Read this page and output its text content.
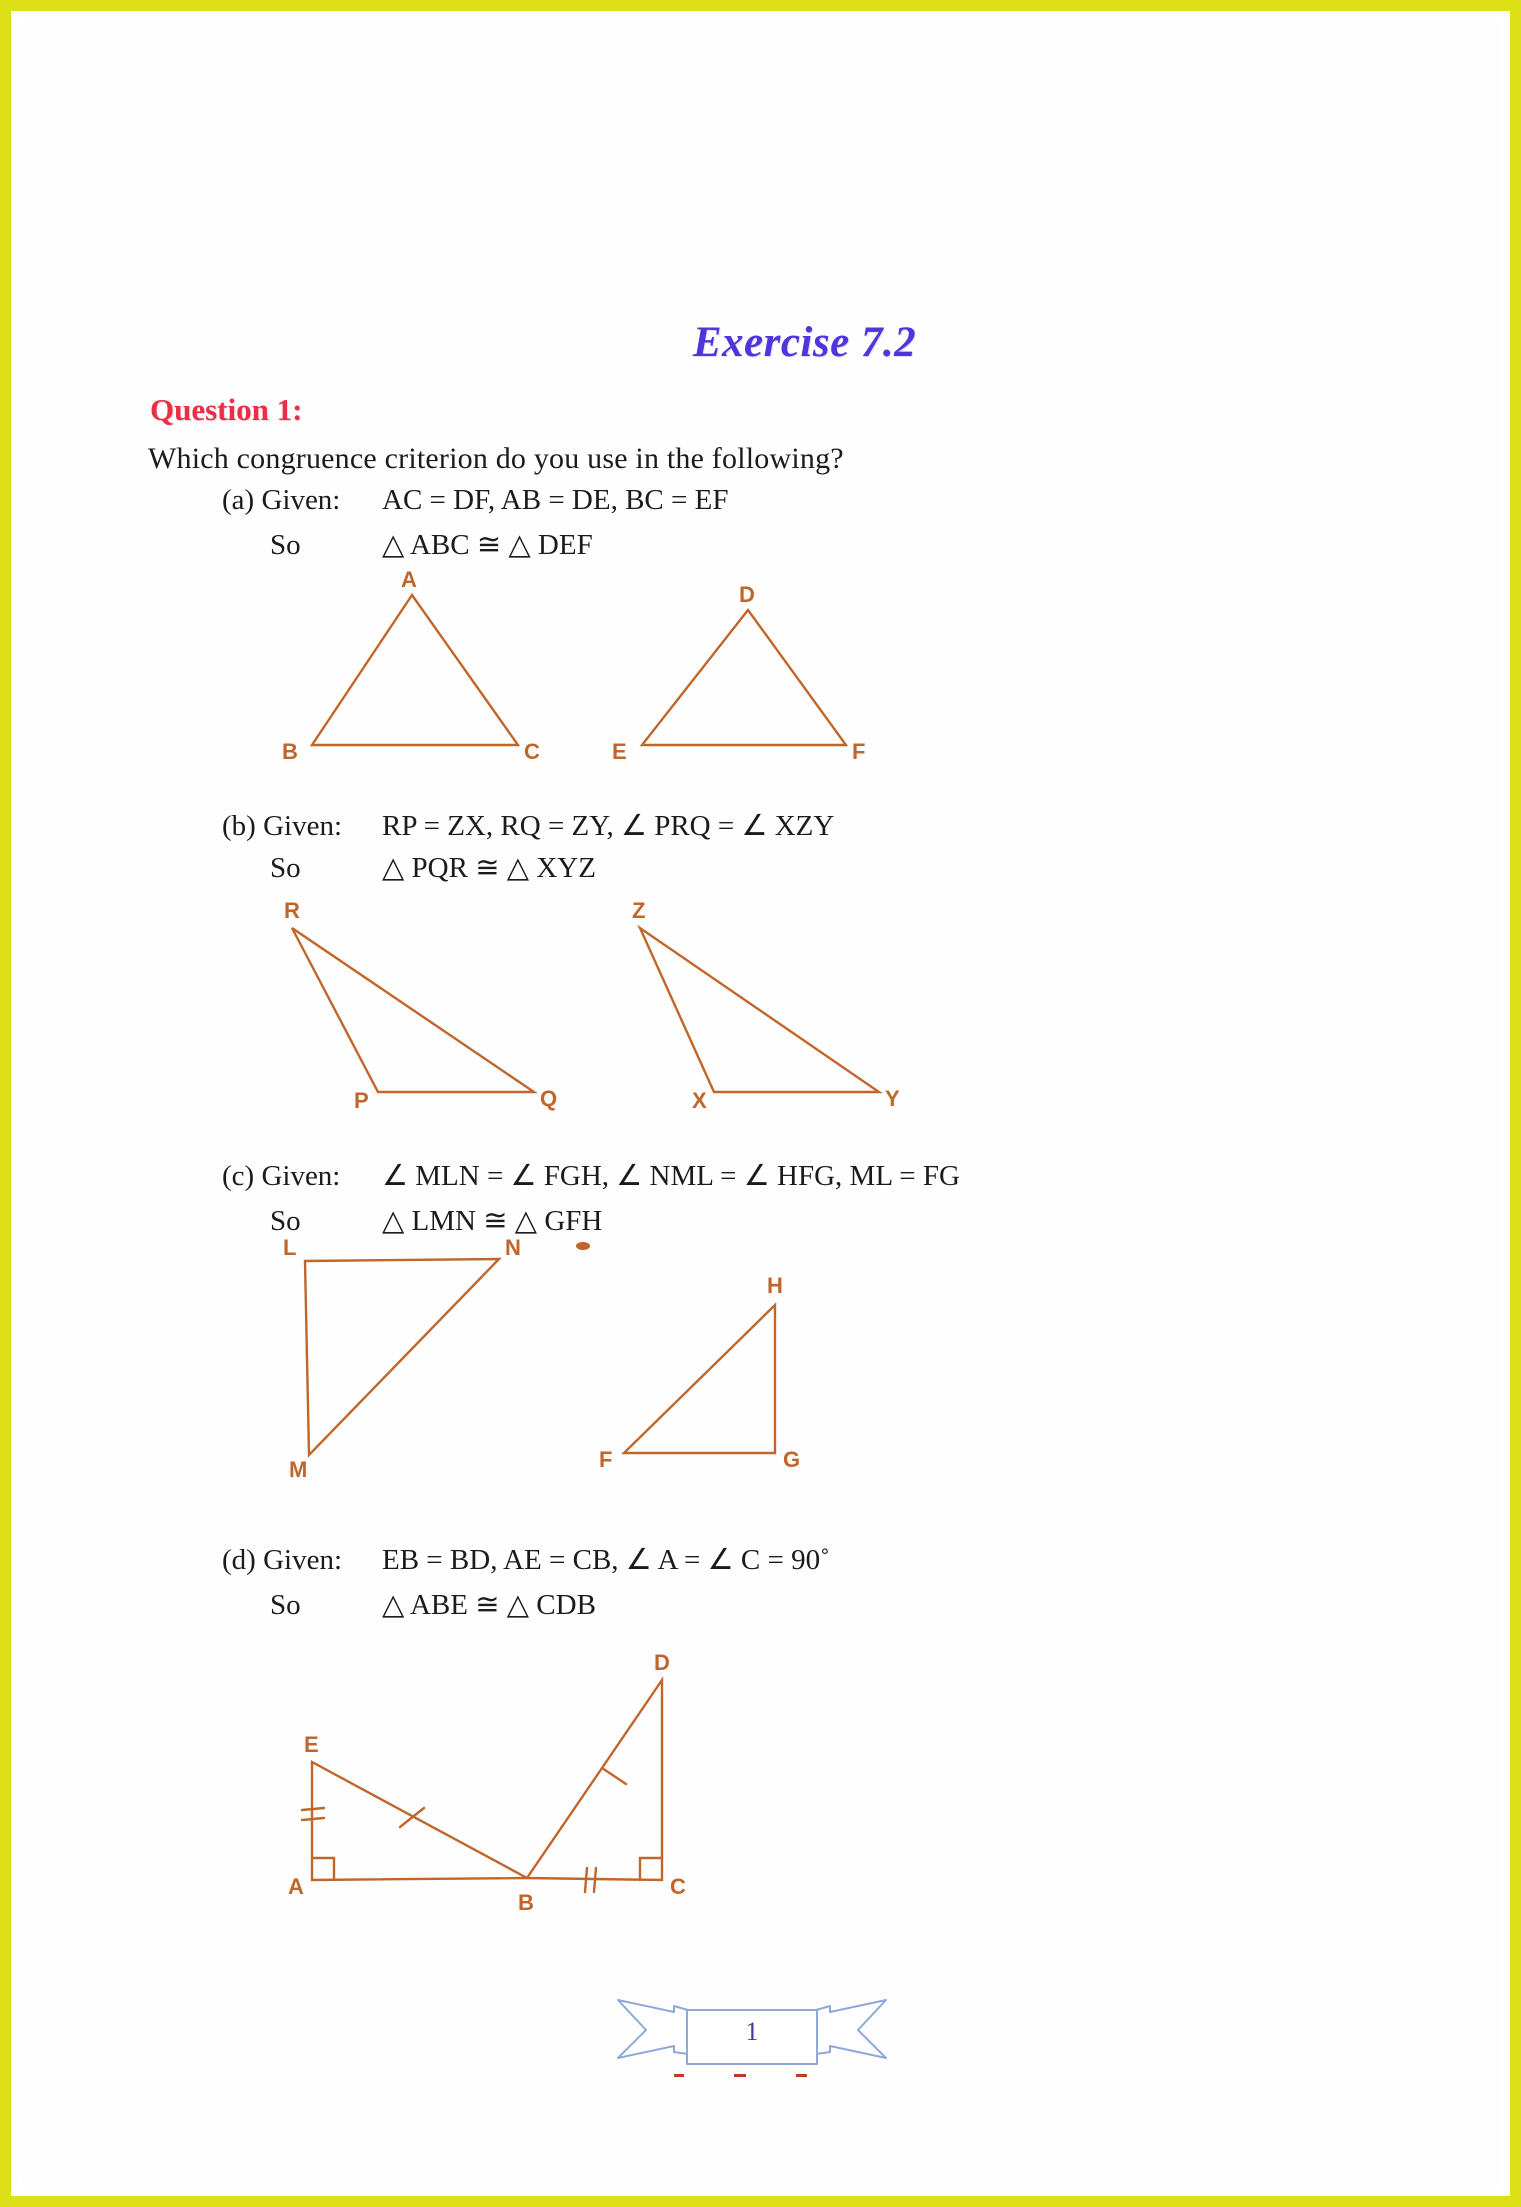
Exercise 7.2
Question 1:
Which congruence criterion do you use in the following?
(a) Given: AC = DF, AB = DE, BC = EF
So	△ ABC ≅ △ DEF
A
B	C
D
E	F
(b) Given: RP = ZX, RQ = ZY, ∠ PRQ = ∠ XZY
So	△ PQR ≅ △ XYZ
R
P	Q
Z
X	Y
(c) Given: ∠ MLN = ∠ FGH, ∠ NML = ∠ HFG, ML = FG
So	△ LMN ≅ △ GFH
L	N
M
H
F	G
(d) Given: EB = BD, AE = CB, ∠ A = ∠ C = 90˚
So	△ ABE ≅ △ CDB
E
A
B
C
D
1
